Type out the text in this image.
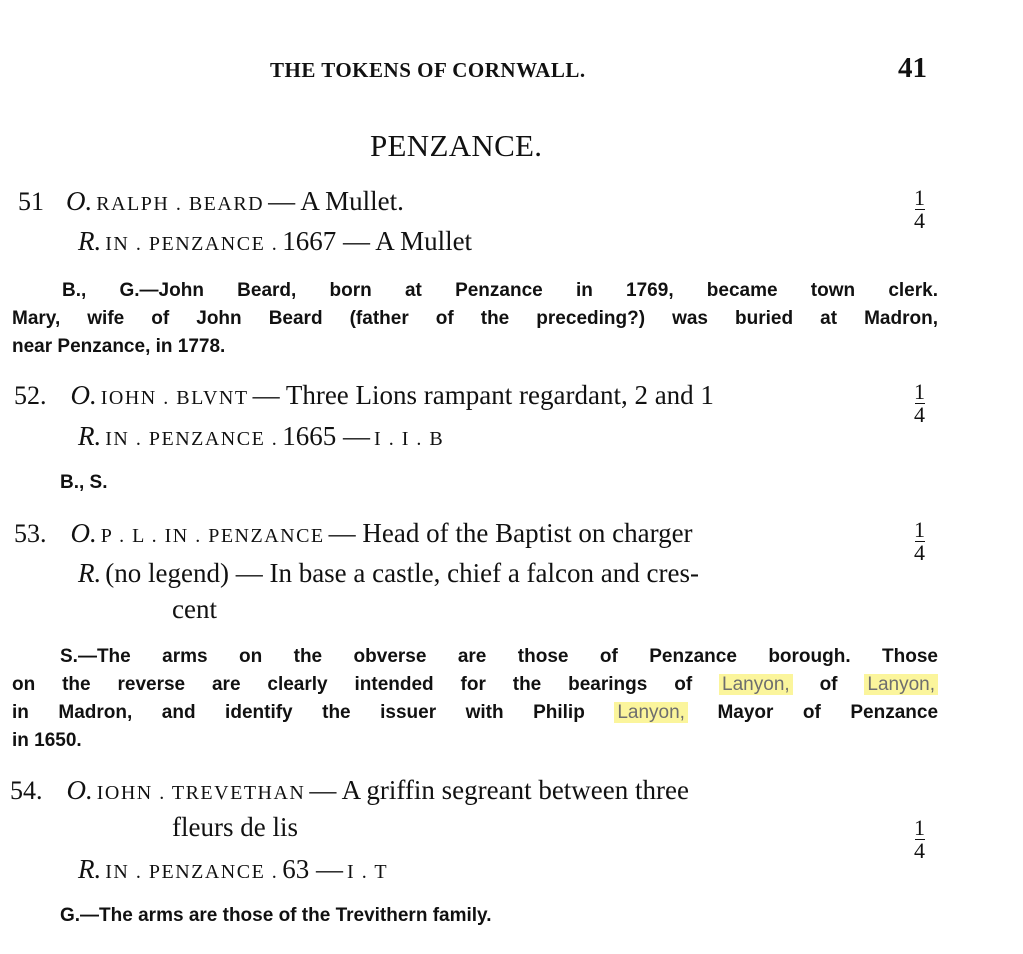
THE TOKENS OF CORNWALL.	41
PENZANCE.
51 O. RALPH . BEARD — A Mullet.	1
4
R. IN . PENZANCE . 1667 — A Mullet
B., G.—John Beard, born at Penzance in 1769, became town clerk.
Mary, wife of John Beard (father of the preceding?) was buried at Madron,
near Penzance, in 1778.
52. O. IOHN . BLVNT — Three Lions rampant regardant, 2 and 1	1
4
R. IN . PENZANCE . 1665 — I . I . B
B., S.
53. O. P . L . IN . PENZANCE — Head of the Baptist on charger	1
4
R. (no legend) — In base a castle, chief a falcon and cres-
cent
S.—The arms on the obverse are those of Penzance borough. Those
on the reverse are clearly intended for the bearings of Lanyon, of Lanyon,
in Madron, and identify the issuer with Philip Lanyon, Mayor of Penzance
in 1650.
54. O. IOHN . TREVETHAN — A griffin segreant between three
fleurs de lis	1
4
R. IN . PENZANCE . 63 — I . T
G.—The arms are those of the Trevithern family.
